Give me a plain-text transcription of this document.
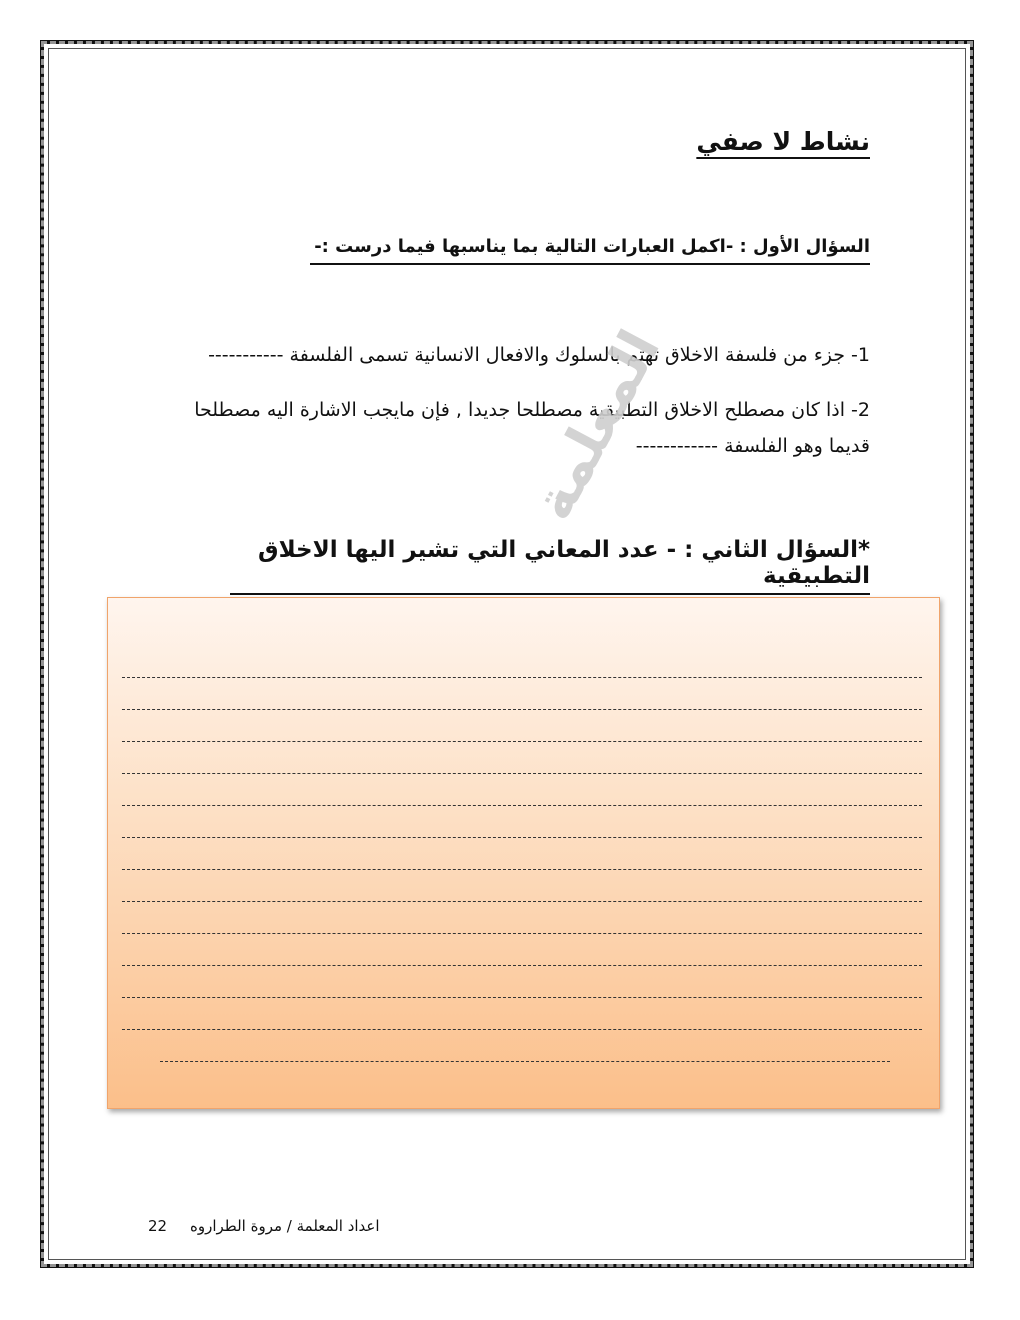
نشاط لا صفي
السؤال الأول : -اكمل العبارات التالية بما يناسبها فيما درست :-
1- جزء من فلسفة الاخلاق تهتم بالسلوك والافعال الانسانية تسمى الفلسفة -----------
2- اذا كان مصطلح الاخلاق التطبيقية مصطلحا جديدا , فإن مايجب الاشارة اليه مصطلحا قديما وهو الفلسفة ------------
المعلمة
*السؤال الثاني : - عدد المعاني التي تشير اليها الاخلاق التطبيقية
اعداد المعلمة / مروة الطراروه
22
